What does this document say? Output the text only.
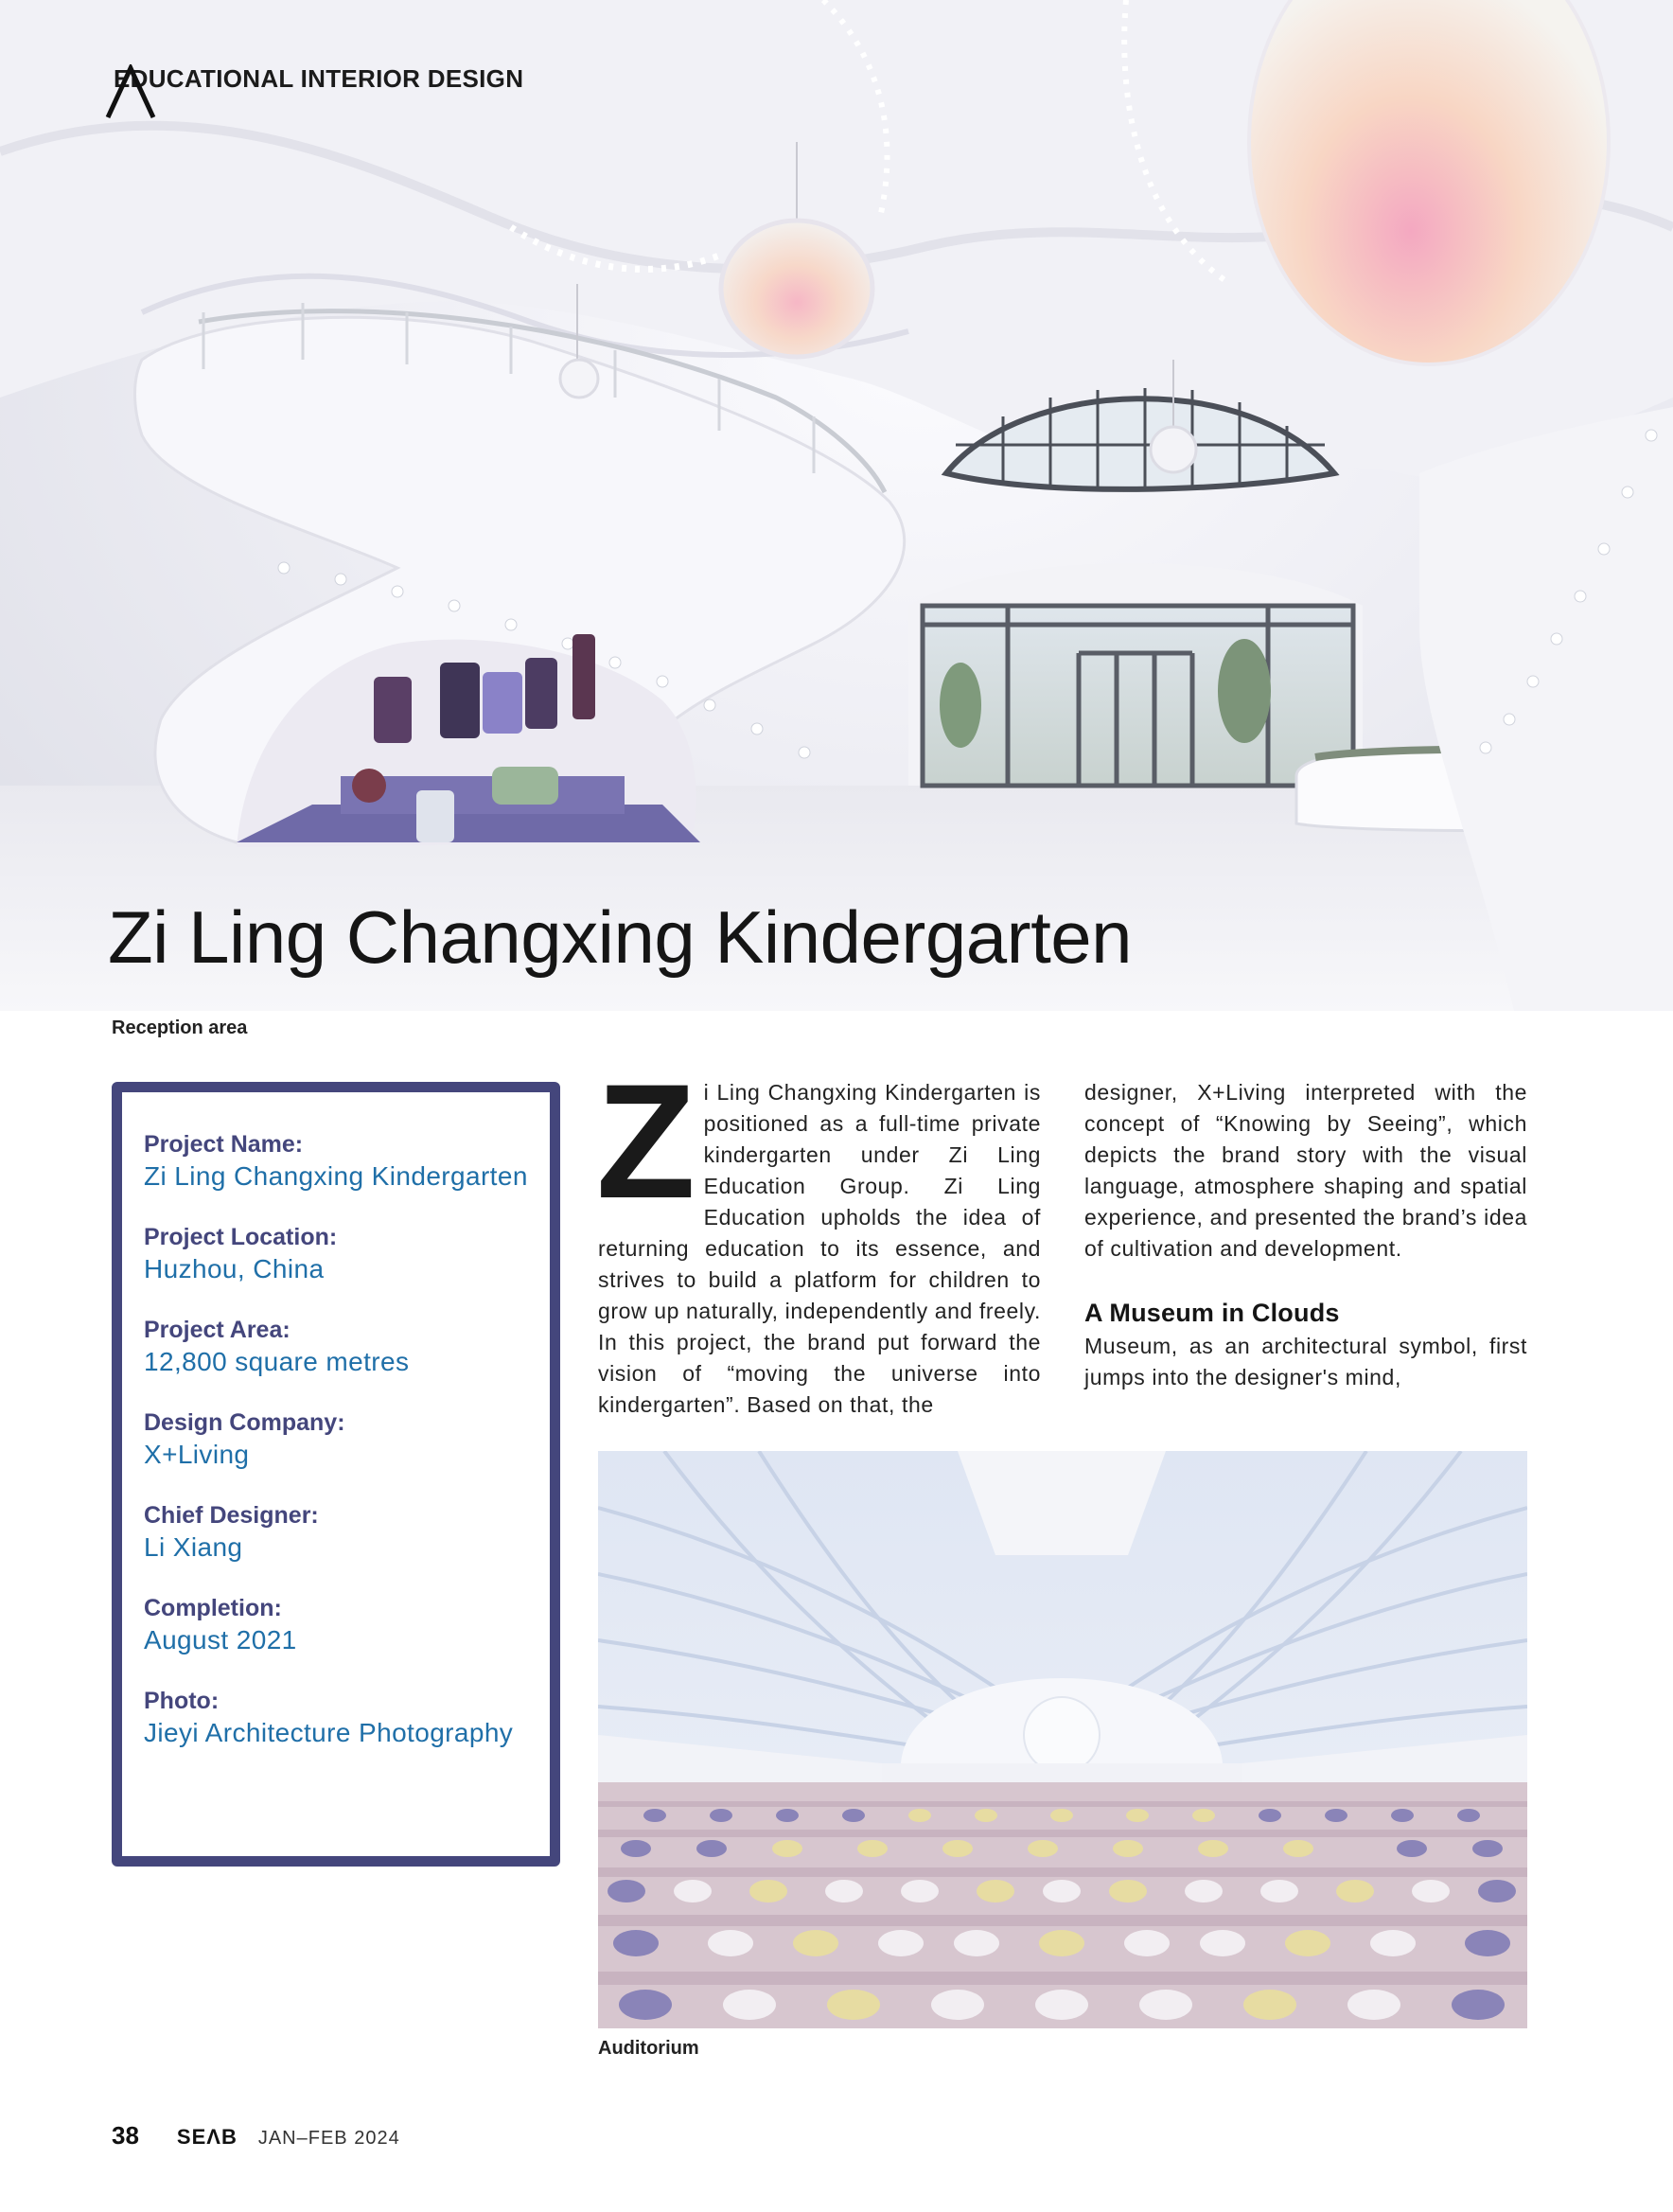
EDUCATIONAL INTERIOR DESIGN
Zi Ling Changxing Kindergarten
Reception area
Project Name:
Zi Ling Changxing Kindergarten
Project Location:
Huzhou, China
Project Area:
12,800 square metres
Design Company:
X+Living
Chief Designer:
Li Xiang
Completion:
August 2021
Photo:
Jieyi Architecture Photography
Z i Ling Changxing Kindergarten is positioned as a full-time private kindergarten under Zi Ling Education Group. Zi Ling Education upholds the idea of returning education to its essence, and strives to build a platform for children to grow up naturally, independently and freely. In this project, the brand put forward the vision of “moving the universe into kindergarten”. Based on that, the

designer, X+Living interpreted with the concept of “Knowing by Seeing”, which depicts the brand story with the visual language, atmosphere shaping and spatial experience, and presented the brand’s idea of cultivation and development.

A Museum in Clouds

Museum, as an architectural symbol, first jumps into the designer's mind,

Auditorium
38 SEΛB JAN–FEB 2024
